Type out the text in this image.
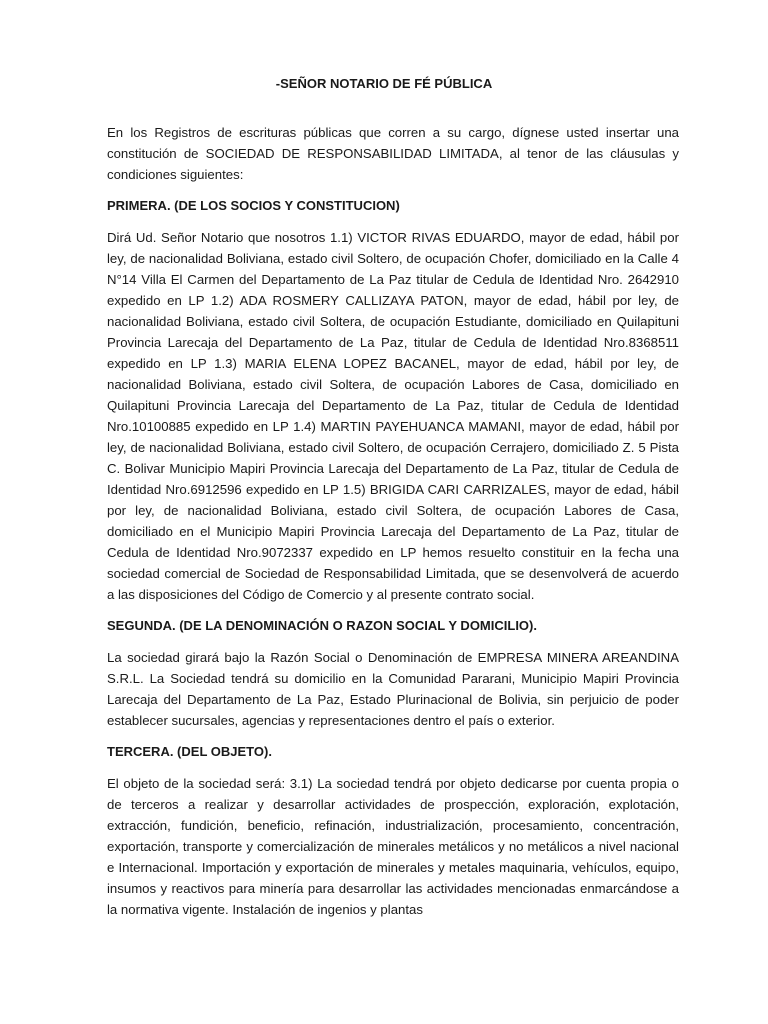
-SEÑOR NOTARIO DE FÉ PÚBLICA

En los Registros de escrituras públicas que corren a su cargo, dígnese usted insertar una constitución de SOCIEDAD DE RESPONSABILIDAD LIMITADA, al tenor de las cláusulas y condiciones siguientes:

PRIMERA. (DE LOS SOCIOS Y CONSTITUCION)

Dirá Ud. Señor Notario que nosotros 1.1) VICTOR RIVAS EDUARDO, mayor de edad, hábil por ley, de nacionalidad Boliviana, estado civil Soltero, de ocupación Chofer, domiciliado en la Calle 4 N°14 Villa El Carmen del Departamento de La Paz titular de Cedula de Identidad Nro. 2642910 expedido en LP 1.2) ADA ROSMERY CALLIZAYA PATON, mayor de edad, hábil por ley, de nacionalidad Boliviana, estado civil Soltera, de ocupación Estudiante, domiciliado en Quilapituni Provincia Larecaja del Departamento de La Paz, titular de Cedula de Identidad Nro.8368511 expedido en LP 1.3) MARIA ELENA LOPEZ BACANEL, mayor de edad, hábil por ley, de nacionalidad Boliviana, estado civil Soltera, de ocupación Labores de Casa, domiciliado en Quilapituni Provincia Larecaja del Departamento de La Paz, titular de Cedula de Identidad Nro.10100885 expedido en LP 1.4) MARTIN PAYEHUANCA MAMANI, mayor de edad, hábil por ley, de nacionalidad Boliviana, estado civil Soltero, de ocupación Cerrajero, domiciliado Z. 5 Pista C. Bolivar Municipio Mapiri Provincia Larecaja del Departamento de La Paz, titular de Cedula de Identidad Nro.6912596 expedido en LP 1.5) BRIGIDA CARI CARRIZALES, mayor de edad, hábil por ley, de nacionalidad Boliviana, estado civil Soltera, de ocupación Labores de Casa, domiciliado en el Municipio Mapiri Provincia Larecaja del Departamento de La Paz, titular de Cedula de Identidad Nro.9072337 expedido en LP hemos resuelto constituir en la fecha una sociedad comercial de Sociedad de Responsabilidad Limitada, que se desenvolverá de acuerdo a las disposiciones del Código de Comercio y al presente contrato social.

SEGUNDA. (DE LA DENOMINACIÓN O RAZON SOCIAL Y DOMICILIO).

La sociedad girará bajo la Razón Social o Denominación de EMPRESA MINERA AREANDINA S.R.L. La Sociedad tendrá su domicilio en la Comunidad Pararani, Municipio Mapiri Provincia Larecaja del Departamento de La Paz, Estado Plurinacional de Bolivia, sin perjuicio de poder establecer sucursales, agencias y representaciones dentro el país o exterior.

TERCERA. (DEL OBJETO).

El objeto de la sociedad será: 3.1) La sociedad tendrá por objeto dedicarse por cuenta propia o de terceros a realizar y desarrollar actividades de prospección, exploración, explotación, extracción, fundición, beneficio, refinación, industrialización, procesamiento, concentración, exportación, transporte y comercialización de minerales metálicos y no metálicos a nivel nacional e Internacional. Importación y exportación de minerales y metales maquinaria, vehículos, equipo, insumos y reactivos para minería para desarrollar las actividades mencionadas enmarcándose a la normativa vigente. Instalación de ingenios y plantas
